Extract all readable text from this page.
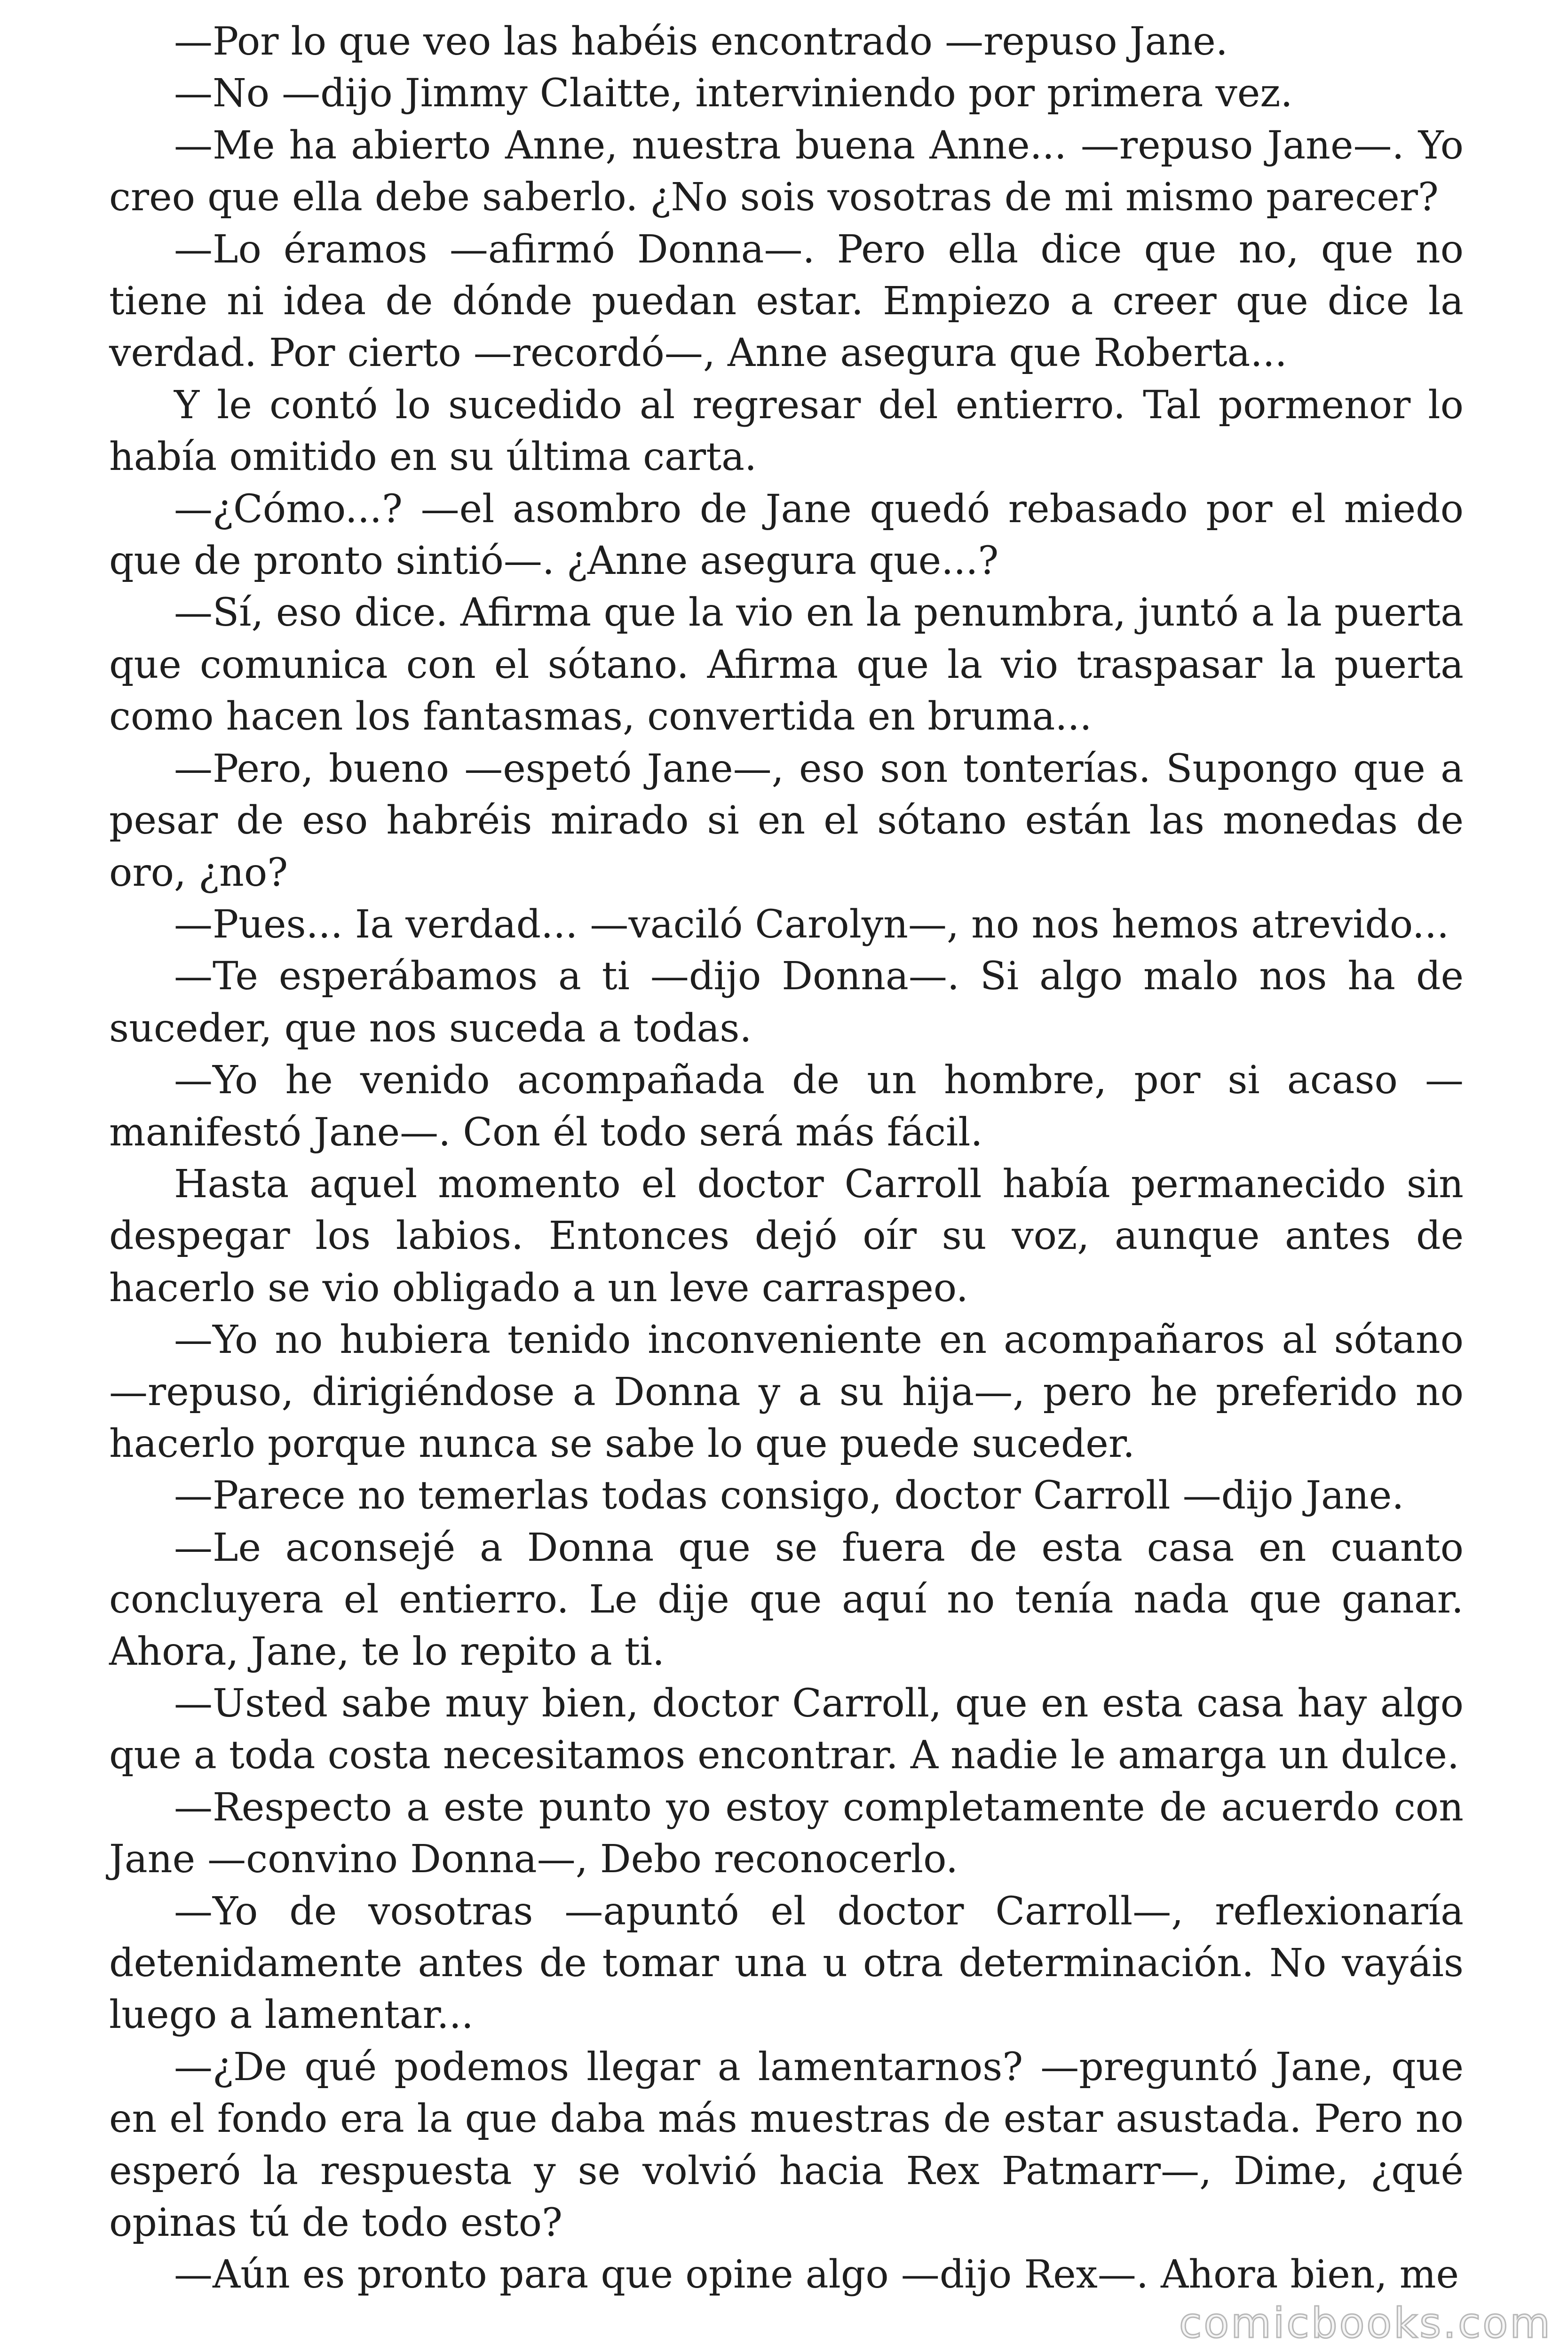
—Por lo que veo las habéis encontrado —repuso Jane.

—No —dijo Jimmy Claitte, interviniendo por primera vez.

—Me ha abierto Anne, nuestra buena Anne... —repuso Jane—. Yo creo que ella debe saberlo. ¿No sois vosotras de mi mismo parecer?

—Lo éramos —afirmó Donna—. Pero ella dice que no, que no tiene ni idea de dónde puedan estar. Empiezo a creer que dice la verdad. Por cierto —recordó—, Anne asegura que Roberta...

Y le contó lo sucedido al regresar del entierro. Tal pormenor lo había omitido en su última carta.

—¿Cómo...? —el asombro de Jane quedó rebasado por el miedo que de pronto sintió—. ¿Anne asegura que...?

—Sí, eso dice. Afirma que la vio en la penumbra, juntó a la puerta que comunica con el sótano. Afirma que la vio traspasar la puerta como hacen los fantasmas, convertida en bruma...

—Pero, bueno —espetó Jane—, eso son tonterías. Supongo que a pesar de eso habréis mirado si en el sótano están las monedas de oro, ¿no?

—Pues... Ia verdad... —vaciló Carolyn—, no nos hemos atrevido...

—Te esperábamos a ti —dijo Donna—. Si algo malo nos ha de suceder, que nos suceda a todas.

—Yo he venido acompañada de un hombre, por si acaso — manifestó Jane—. Con él todo será más fácil.

Hasta aquel momento el doctor Carroll había permanecido sin despegar los labios. Entonces dejó oír su voz, aunque antes de hacerlo se vio obligado a un leve carraspeo.

—Yo no hubiera tenido inconveniente en acompañaros al sótano —repuso, dirigiéndose a Donna y a su hija—, pero he preferido no hacerlo porque nunca se sabe lo que puede suceder.

—Parece no temerlas todas consigo, doctor Carroll —dijo Jane.

—Le aconsejé a Donna que se fuera de esta casa en cuanto concluyera el entierro. Le dije que aquí no tenía nada que ganar. Ahora, Jane, te lo repito a ti.

—Usted sabe muy bien, doctor Carroll, que en esta casa hay algo que a toda costa necesitamos encontrar. A nadie le amarga un dulce.

—Respecto a este punto yo estoy completamente de acuerdo con Jane —convino Donna—, Debo reconocerlo.

—Yo de vosotras —apuntó el doctor Carroll—, reflexionaría detenidamente antes de tomar una u otra determinación. No vayáis luego a lamentar...

—¿De qué podemos llegar a lamentarnos? —preguntó Jane, que en el fondo era la que daba más muestras de estar asustada. Pero no esperó la respuesta y se volvió hacia Rex Patmarr—, Dime, ¿qué opinas tú de todo esto?

—Aún es pronto para que opine algo —dijo Rex—. Ahora bien, me

comicbooks.com
